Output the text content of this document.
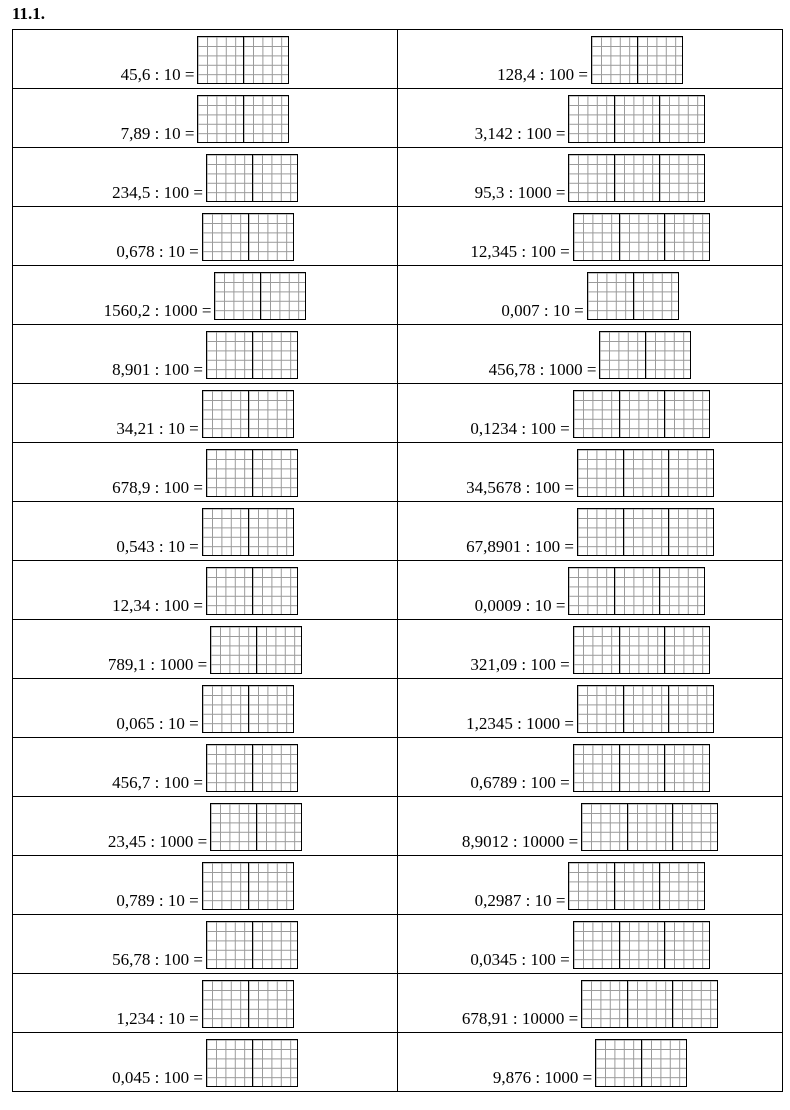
11.1.
45,6 : 10 =	128,4 : 100 =

7,89 : 10 =	3,142 : 100 =

234,5 : 100 =	95,3 : 1000 =

0,678 : 10 =	12,345 : 100 =

1560,2 : 1000 =	0,007 : 10 =

8,901 : 100 =	456,78 : 1000 =

34,21 : 10 =	0,1234 : 100 =

678,9 : 100 =	34,5678 : 100 =

0,543 : 10 =	67,8901 : 100 =

12,34 : 100 =	0,0009 : 10 =

789,1 : 1000 =	321,09 : 100 =

0,065 : 10 =	1,2345 : 1000 =

456,7 : 100 =	0,6789 : 100 =

23,45 : 1000 =	8,9012 : 10000 =

0,789 : 10 =	0,2987 : 10 =

56,78 : 100 =	0,0345 : 100 =

1,234 : 10 =	678,91 : 10000 =

0,045 : 100 =	9,876 : 1000 =
